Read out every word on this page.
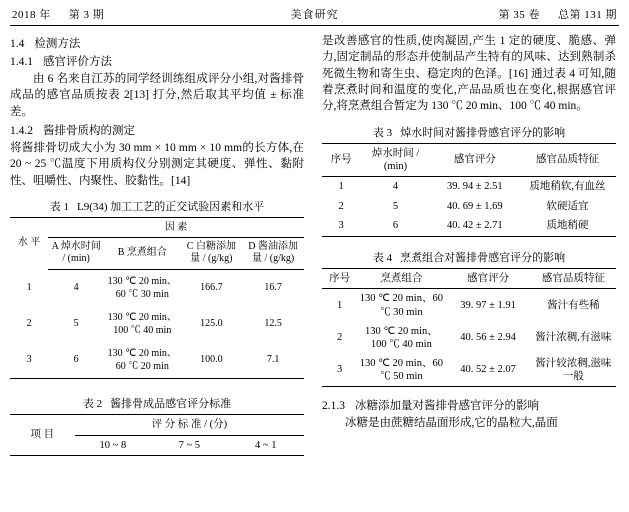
2018 年 第 3 期	美食研究	第 35 卷 总第 131 期
1.4 检测方法
1.4.1 感官评价方法

由 6 名来自江苏的同学经训练组成评分小组,对酱排骨成品的感官品质按表 2[13] 打分,然后取其平均值 ± 标准差。

1.4.2 酱排骨质构的测定

将酱排骨切成大小为 30 mm × 10 mm × 10 mm的长方体,在 20 ~ 25 ℃温度下用质构仪分别测定其硬度、弹性、黏附性、咀嚼性、内聚性、胶黏性。[14]

表 1 L9(34) 加工工艺的正交试验因素和水平
水 平	因 素			
	A 焯水时间 / (min)	B 烹煮组合	C 白糖添加量 / (g/kg)	D 酱油添加量 / (g/kg)
1	4	130 ℃ 20 min、60 ℃ 30 min	166.7	16.7
2	5	130 ℃ 20 min、100 ℃ 40 min	125.0	12.5
3	6	130 ℃ 20 min、60 ℃ 20 min	100.0	7.1
表 2 酱排骨成品感官评分标准
项 目	评 分 标 准 / (分)		
	10 ~ 8	7 ~ 5	4 ~ 1

是改善感官的性质,使肉凝固,产生 1 定的硬度、脆感、弹力,固定制品的形态并使制品产生特有的风味、达到熟制杀死微生物和寄生虫、稳定肉的色泽。[16] 通过表 4 可知,随着烹煮时间和温度的变化,产品品质也在变化,根据感官评分,将烹煮组合暂定为 130 ℃ 20 min、100 ℃ 40 min。

表 3 焯水时间对酱排骨感官评分的影响
序号	焯水时间 / (min)	感官评分	感官品质特征
1	4	39. 94 ± 2.51	质地稍软,有血丝
2	5	40. 69 ± 1.69	软硬适宜
3	6	40. 42 ± 2.71	质地稍硬
表 4 烹煮组合对酱排骨感官评分的影响
序号	烹煮组合	感官评分	感官品质特征
1	130 ℃ 20 min、60 ℃ 30 min	39. 97 ± 1.91	酱汁有些稀
2	130 ℃ 20 min、100 ℃ 40 min	40. 56 ± 2.94	酱汁浓稠,有滋味
3	130 ℃ 20 min、60 ℃ 50 min	40. 52 ± 2.07	酱汁较浓稠,滋味一般
2.1.3 冰糖添加量对酱排骨感官评分的影响

冰糖是由蔗糖结晶面形成,它的晶粒大,晶面
